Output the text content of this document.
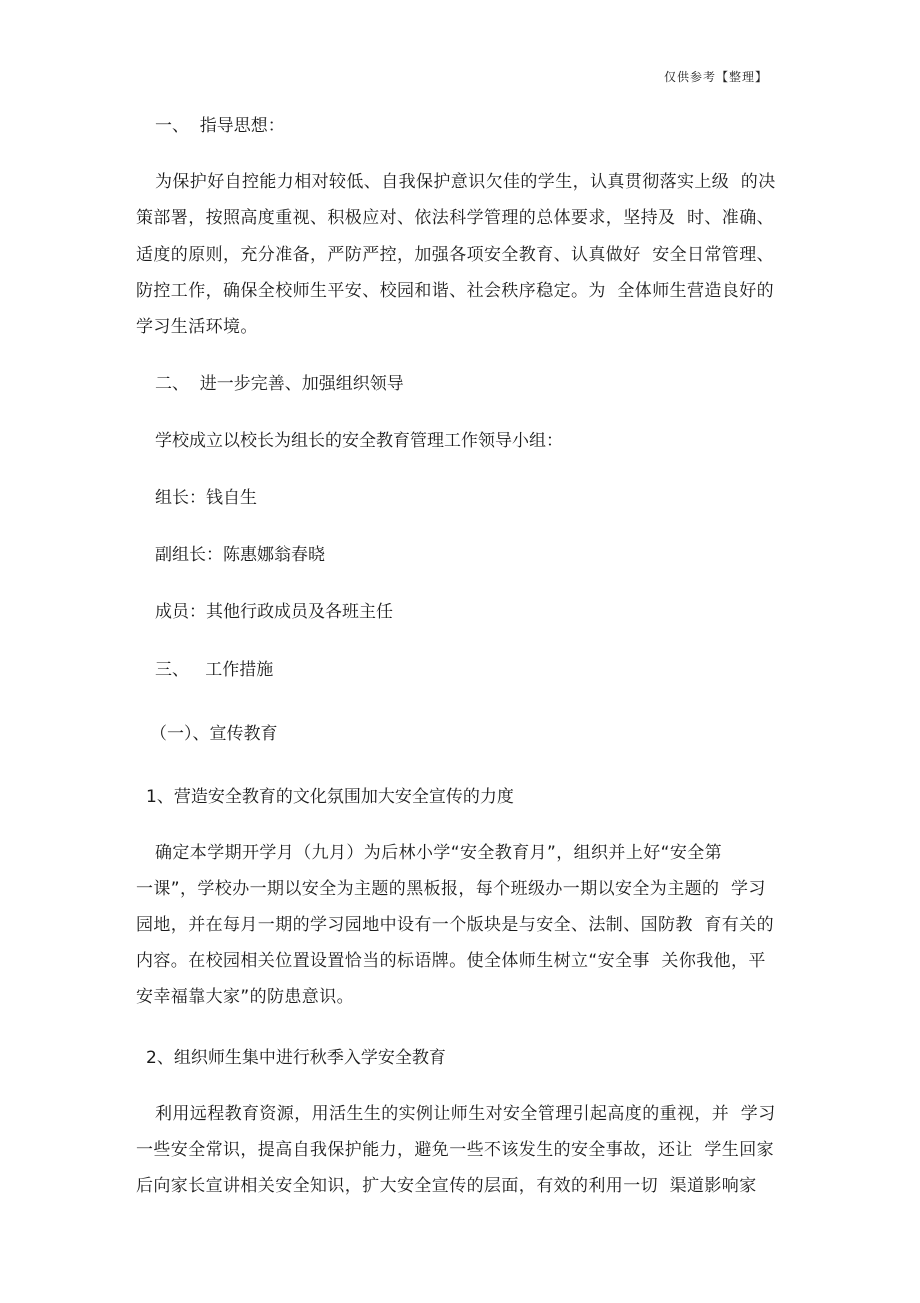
仅供参考【整理】
一、  指导思想：
为保护好自控能力相对较低、自我保护意识欠佳的学生，认真贯彻落实上级  的决
策部署，按照高度重视、积极应对、依法科学管理的总体要求，坚持及  时、准确、
适度的原则，充分准备，严防严控，加强各项安全教育、认真做好  安全日常管理、
防控工作，确保全校师生平安、校园和谐、社会秩序稳定。为  全体师生营造良好的
学习生活环境。
二、  进一步完善、加强组织领导
学校成立以校长为组长的安全教育管理工作领导小组：
组长：钱自生
副组长：陈惠娜翁春晓
成员：其他行政成员及各班主任
三、   工作措施
（一）、宣传教育
1、营造安全教育的文化氛围加大安全宣传的力度
确定本学期开学月（九月）为后林小学“安全教育月”，组织并上好“安全第
一课”，学校办一期以安全为主题的黑板报，每个班级办一期以安全为主题的  学习
园地，并在每月一期的学习园地中设有一个版块是与安全、法制、国防教  育有关的
内容。在校园相关位置设置恰当的标语牌。使全体师生树立“安全事  关你我他，平
安幸福靠大家”的防患意识。
2、组织师生集中进行秋季入学安全教育
利用远程教育资源，用活生生的实例让师生对安全管理引起高度的重视，并  学习
一些安全常识，提高自我保护能力，避免一些不该发生的安全事故，还让  学生回家
后向家长宣讲相关安全知识，扩大安全宣传的层面，有效的利用一切  渠道影响家
